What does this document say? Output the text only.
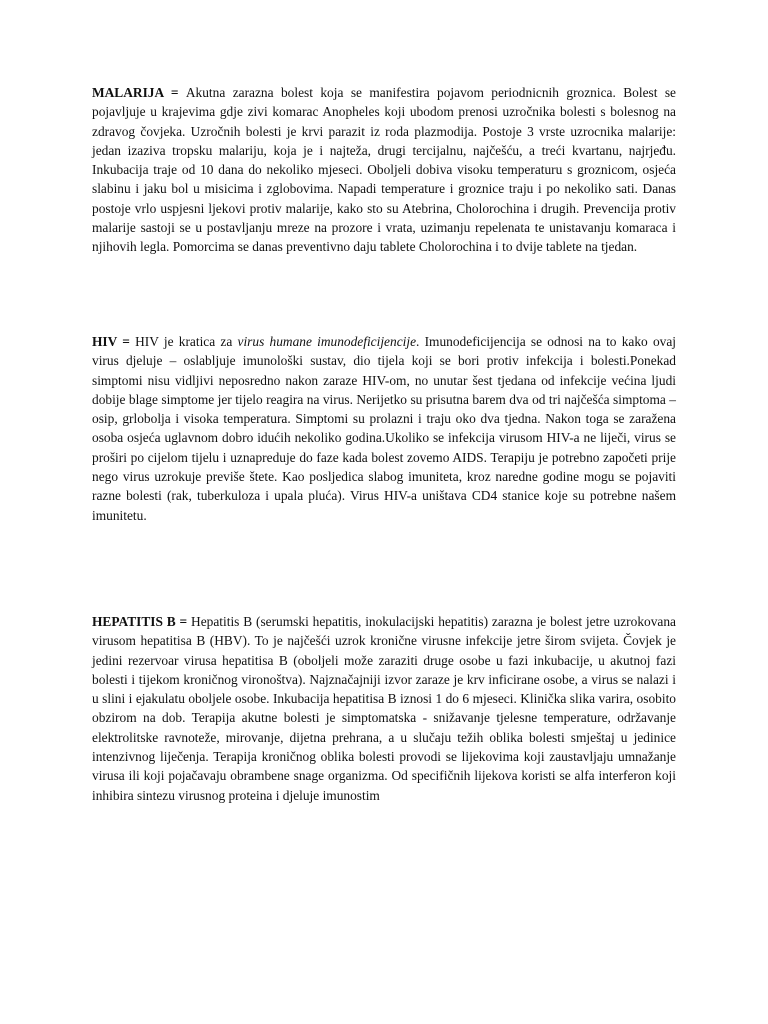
MALARIJA = Akutna zarazna bolest koja se manifestira pojavom periodnicnih groznica. Bolest se pojavljuje u krajevima gdje zivi komarac Anopheles koji ubodom prenosi uzročnika bolesti s bolesnog na zdravog čovjeka. Uzročnih bolesti je krvi parazit iz roda plazmodija. Postoje 3 vrste uzrocnika malarije: jedan izaziva tropsku malariju, koja je i najteža, drugi tercijalnu, najčešću, a treći kvartanu, najrjeđu. Inkubacija traje od 10 dana do nekoliko mjeseci. Oboljeli dobiva visoku temperaturu s groznicom, osjeća slabinu i jaku bol u misicima i zglobovima. Napadi temperature i groznice traju i po nekoliko sati. Danas postoje vrlo uspjesni ljekovi protiv malarije, kako sto su Atebrina, Cholorochina i drugih. Prevencija protiv malarije sastoji se u postavljanju mreze na prozore i vrata, uzimanju repelenata te unistavanju komaraca i njihovih legla. Pomorcima se danas preventivno daju tablete Cholorochina i to dvije tablete na tjedan.

HIV = HIV je kratica za virus humane imunodeficijencije. Imunodeficijencija se odnosi na to kako ovaj virus djeluje – oslabljuje imunološki sustav, dio tijela koji se bori protiv infekcija i bolesti.Ponekad simptomi nisu vidljivi neposredno nakon zaraze HIV-om, no unutar šest tjedana od infekcije većina ljudi dobije blage simptome jer tijelo reagira na virus. Nerijetko su prisutna barem dva od tri najčešća simptoma – osip, grlobolja i visoka temperatura. Simptomi su prolazni i traju oko dva tjedna. Nakon toga se zaražena osoba osjeća uglavnom dobro idućih nekoliko godina.Ukoliko se infekcija virusom HIV-a ne liječi, virus se proširi po cijelom tijelu i uznapreduje do faze kada bolest zovemo AIDS. Terapiju je potrebno započeti prije nego virus uzrokuje previše štete. Kao posljedica slabog imuniteta, kroz naredne godine mogu se pojaviti razne bolesti (rak, tuberkuloza i upala pluća). Virus HIV-a uništava CD4 stanice koje su potrebne našem imunitetu.

HEPATITIS B = Hepatitis B (serumski hepatitis, inokulacijski hepatitis) zarazna je bolest jetre uzrokovana virusom hepatitisa B (HBV). To je najčešći uzrok kronične virusne infekcije jetre širom svijeta. Čovjek je jedini rezervoar virusa hepatitisa B (oboljeli može zaraziti druge osobe u fazi inkubacije, u akutnoj fazi bolesti i tijekom kroničnog vironoštva). Najznačajniji izvor zaraze je krv inficirane osobe, a virus se nalazi i u slini i ejakulatu oboljele osobe. Inkubacija hepatitisa B iznosi 1 do 6 mjeseci. Klinička slika varira, osobito obzirom na dob. Terapija akutne bolesti je simptomatska - snižavanje tjelesne temperature, održavanje elektrolitske ravnoteže, mirovanje, dijetna prehrana, a u slučaju težih oblika bolesti smještaj u jedinice intenzivnog liječenja. Terapija kroničnog oblika bolesti provodi se lijekovima koji zaustavljaju umnažanje virusa ili koji pojačavaju obrambene snage organizma. Od specifičnih lijekova koristi se alfa interferon koji inhibira sintezu virusnog proteina i djeluje imunostim
